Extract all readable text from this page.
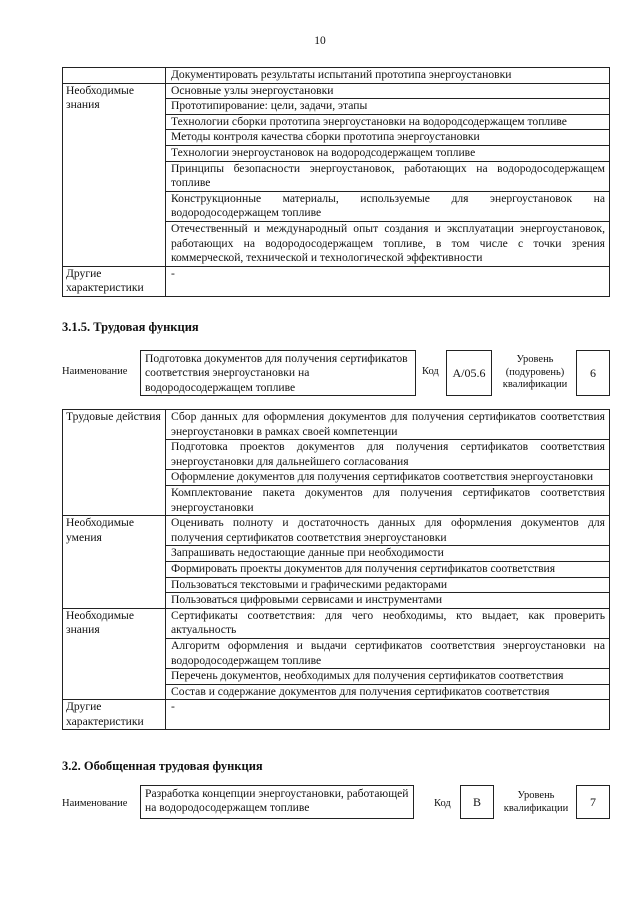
10
	Документировать результаты испытаний прототипа энергоустановки
Необходимые знания	Основные узлы энергоустановки
	Прототипирование: цели, задачи, этапы
	Технологии сборки прототипа энергоустановки на водородсодержащем топливе
	Методы контроля качества сборки прототипа энергоустановки
	Технологии энергоустановок на водородсодержащем топливе
	Принципы безопасности энергоустановок, работающих на водородосодержащем топливе
	Конструкционные материалы, используемые для энергоустановок на водородосодержащем топливе
	Отечественный и международный опыт создания и эксплуатации энергоустановок, работающих на водородосодержащем топливе, в том числе с точки зрения коммерческой, технической и технологической эффективности
Другие характеристики	-
3.1.5. Трудовая функция
Наименование
Подготовка документов для получения сертификатов соответствия энергоустановки на водородосодержащем топливе
Код	A/05.6
Уровень (подуровень) квалификации
6
Трудовые действия	Сбор данных для оформления документов для получения сертификатов соответствия энергоустановки в рамках своей компетенции
	Подготовка проектов документов для получения сертификатов соответствия энергоустановки для дальнейшего согласования
	Оформление документов для получения сертификатов соответствия энергоустановки
	Комплектование пакета документов для получения сертификатов соответствия энергоустановки
Необходимые умения	Оценивать полноту и достаточность данных для оформления документов для получения сертификатов соответствия энергоустановки
	Запрашивать недостающие данные при необходимости
	Формировать проекты документов для получения сертификатов соответствия
	Пользоваться текстовыми и графическими редакторами
	Пользоваться цифровыми сервисами и инструментами
Необходимые знания	Сертификаты соответствия: для чего необходимы, кто выдает, как проверить актуальность
	Алгоритм оформления и выдачи сертификатов соответствия энергоустановки на водородосодержащем топливе
	Перечень документов, необходимых для получения сертификатов соответствия
	Состав и содержание документов для получения сертификатов соответствия
Другие характеристики	-
3.2. Обобщенная трудовая функция
Наименование
Разработка концепции энергоустановки, работающей на водородосодержащем топливе	Код	B	Уровень квалификации	7
